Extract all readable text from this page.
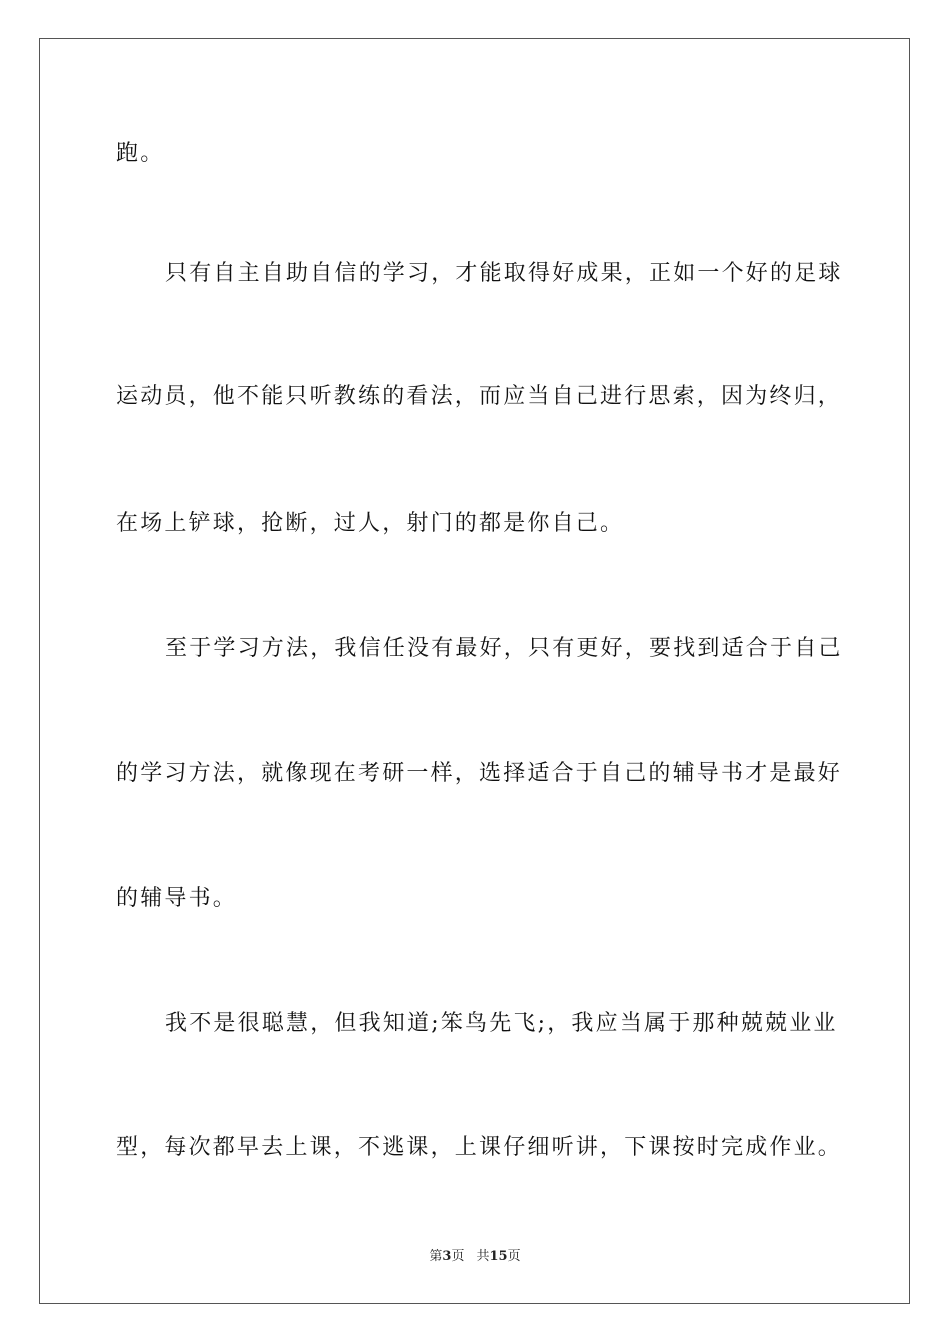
跑。
只有自主自助自信的学习，才能取得好成果，正如一个好的足球
运动员，他不能只听教练的看法，而应当自己进行思索，因为终归，
在场上铲球，抢断，过人，射门的都是你自己。
至于学习方法，我信任没有最好，只有更好，要找到适合于自己
的学习方法，就像现在考研一样，选择适合于自己的辅导书才是最好
的辅导书。
我不是很聪慧，但我知道;笨鸟先飞;，我应当属于那种兢兢业业
型，每次都早去上课，不逃课，上课仔细听讲，下课按时完成作业。
第3页 共15页
